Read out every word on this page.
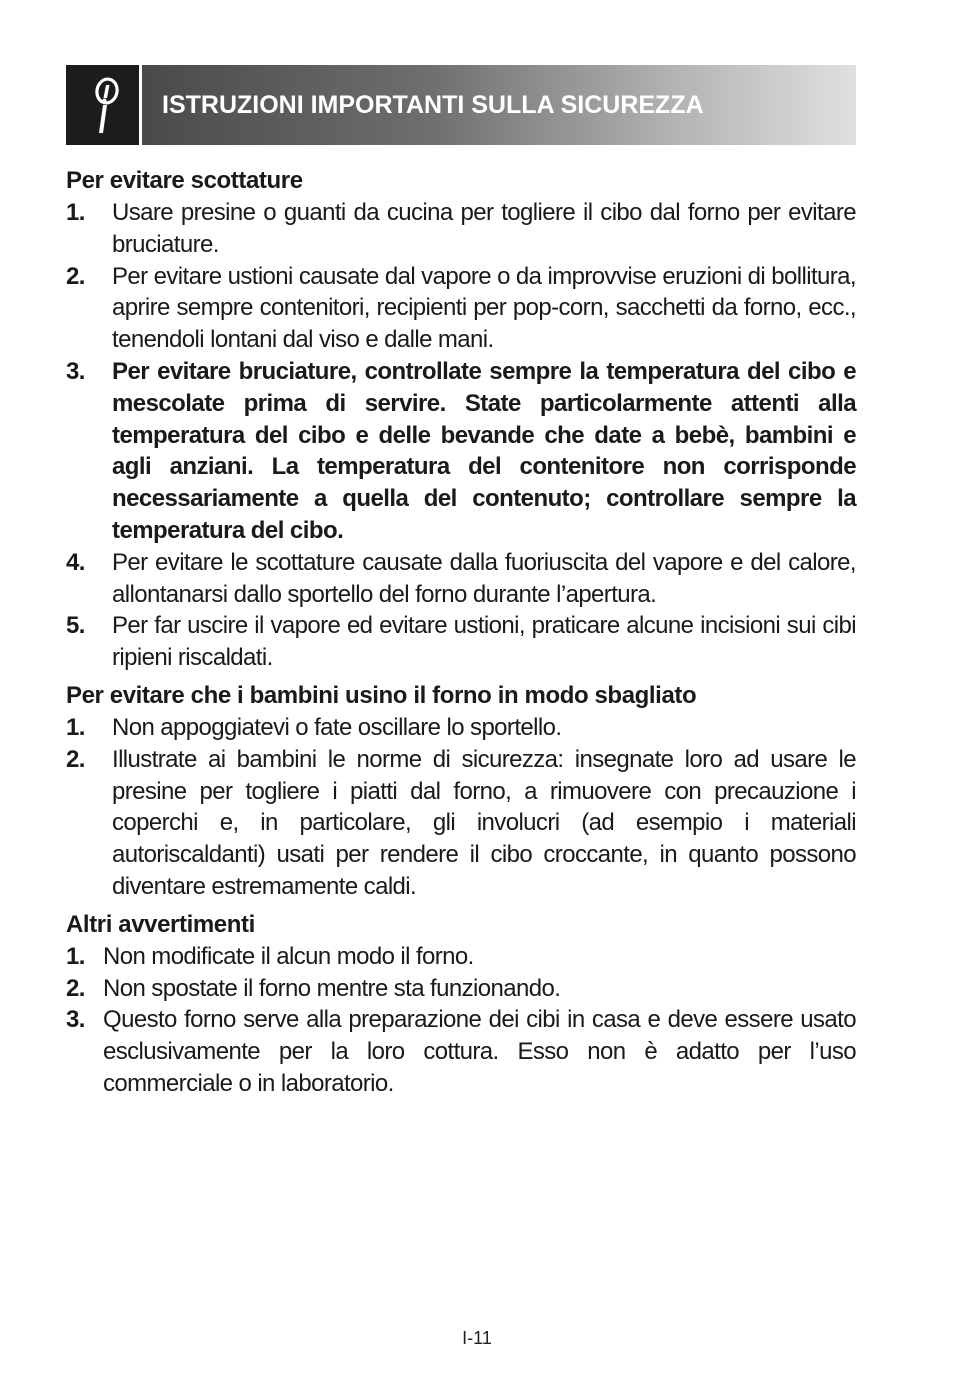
ISTRUZIONI IMPORTANTI SULLA SICUREZZA

Per evitare scottature

1. Usare presine o guanti da cucina per togliere il cibo dal forno per evitare bruciature.
2. Per evitare ustioni causate dal vapore o da improvvise eruzioni di bollitura, aprire sempre contenitori, recipienti per pop-corn, sacchetti da forno, ecc., tenendoli lontani dal viso e dalle mani.
3. Per evitare bruciature, controllate sempre la temperatura del cibo e mescolate prima di servire. State particolarmente attenti alla temperatura del cibo e delle bevande che date a bebè, bambini e agli anziani. La temperatura del contenitore non corrisponde necessariamente a quella del contenuto; controllare sempre la temperatura del cibo.
4. Per evitare le scottature causate dalla fuoriuscita del vapore e del calore, allontanarsi dallo sportello del forno durante l’apertura.
5. Per far uscire il vapore ed evitare ustioni, praticare alcune incisioni sui cibi ripieni riscaldati.

Per evitare che i bambini usino il forno in modo sbagliato

1. Non appoggiatevi o fate oscillare lo sportello.
2. Illustrate ai bambini le norme di sicurezza: insegnate loro ad usare le presine per togliere i piatti dal forno, a rimuovere con precauzione i coperchi e, in particolare, gli involucri (ad esempio i materiali autoriscaldanti) usati per rendere il cibo croccante, in quanto possono diventare estremamente caldi.

Altri avvertimenti

1. Non modificate il alcun modo il forno.
2. Non spostate il forno mentre sta funzionando.
3. Questo forno serve alla preparazione dei cibi in casa e deve essere usato esclusivamente per la loro cottura. Esso non è adatto per l’uso commerciale o in laboratorio.
I-11
